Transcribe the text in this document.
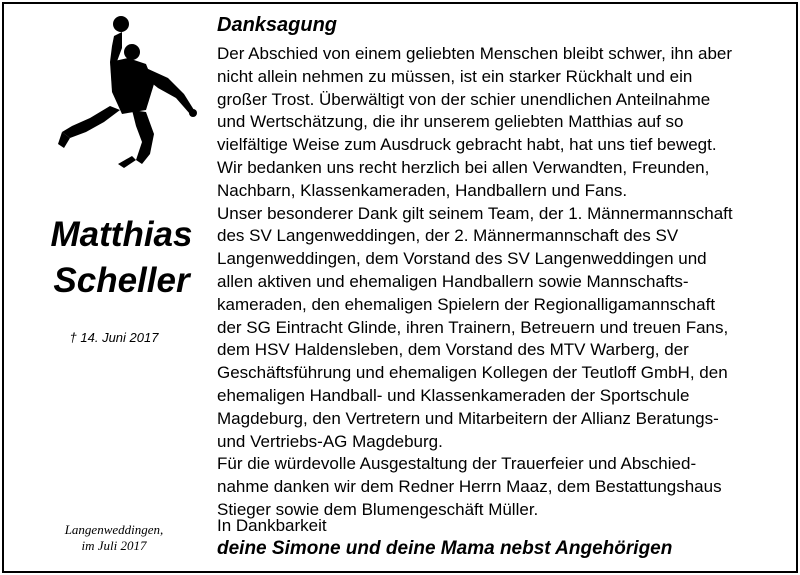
Matthias
Scheller
† 14. Juni 2017
Langenweddingen,
im Juli 2017
Danksagung
Der Abschied von einem geliebten Menschen bleibt schwer, ihn aber
nicht allein nehmen zu müssen, ist ein starker Rückhalt und ein
großer Trost. Überwältigt von der schier unendlichen Anteilnahme
und Wertschätzung, die ihr unserem geliebten Matthias auf so
vielfältige Weise zum Ausdruck gebracht habt, hat uns tief bewegt.
Wir bedanken uns recht herzlich bei allen Verwandten, Freunden,
Nachbarn, Klassenkameraden, Handballern und Fans.
Unser besonderer Dank gilt seinem Team, der 1. Männermannschaft
des SV Langenweddingen, der 2. Männermannschaft des SV
Langenweddingen, dem Vorstand des SV Langenweddingen und
allen aktiven und ehemaligen Handballern sowie Mannschafts-
kameraden, den ehemaligen Spielern der Regionalligamannschaft
der SG Eintracht Glinde, ihren Trainern, Betreuern und treuen Fans,
dem HSV Haldensleben, dem Vorstand des MTV Warberg, der
Geschäftsführung und ehemaligen Kollegen der Teutloff GmbH, den
ehemaligen Handball- und Klassenkameraden der Sportschule
Magdeburg, den Vertretern und Mitarbeitern der Allianz Beratungs-
und Vertriebs-AG Magdeburg.
Für die würdevolle Ausgestaltung der Trauerfeier und Abschied-
nahme danken wir dem Redner Herrn Maaz, dem Bestattungshaus
Stieger sowie dem Blumengeschäft Müller.
In Dankbarkeit
deine Simone und deine Mama nebst Angehörigen
